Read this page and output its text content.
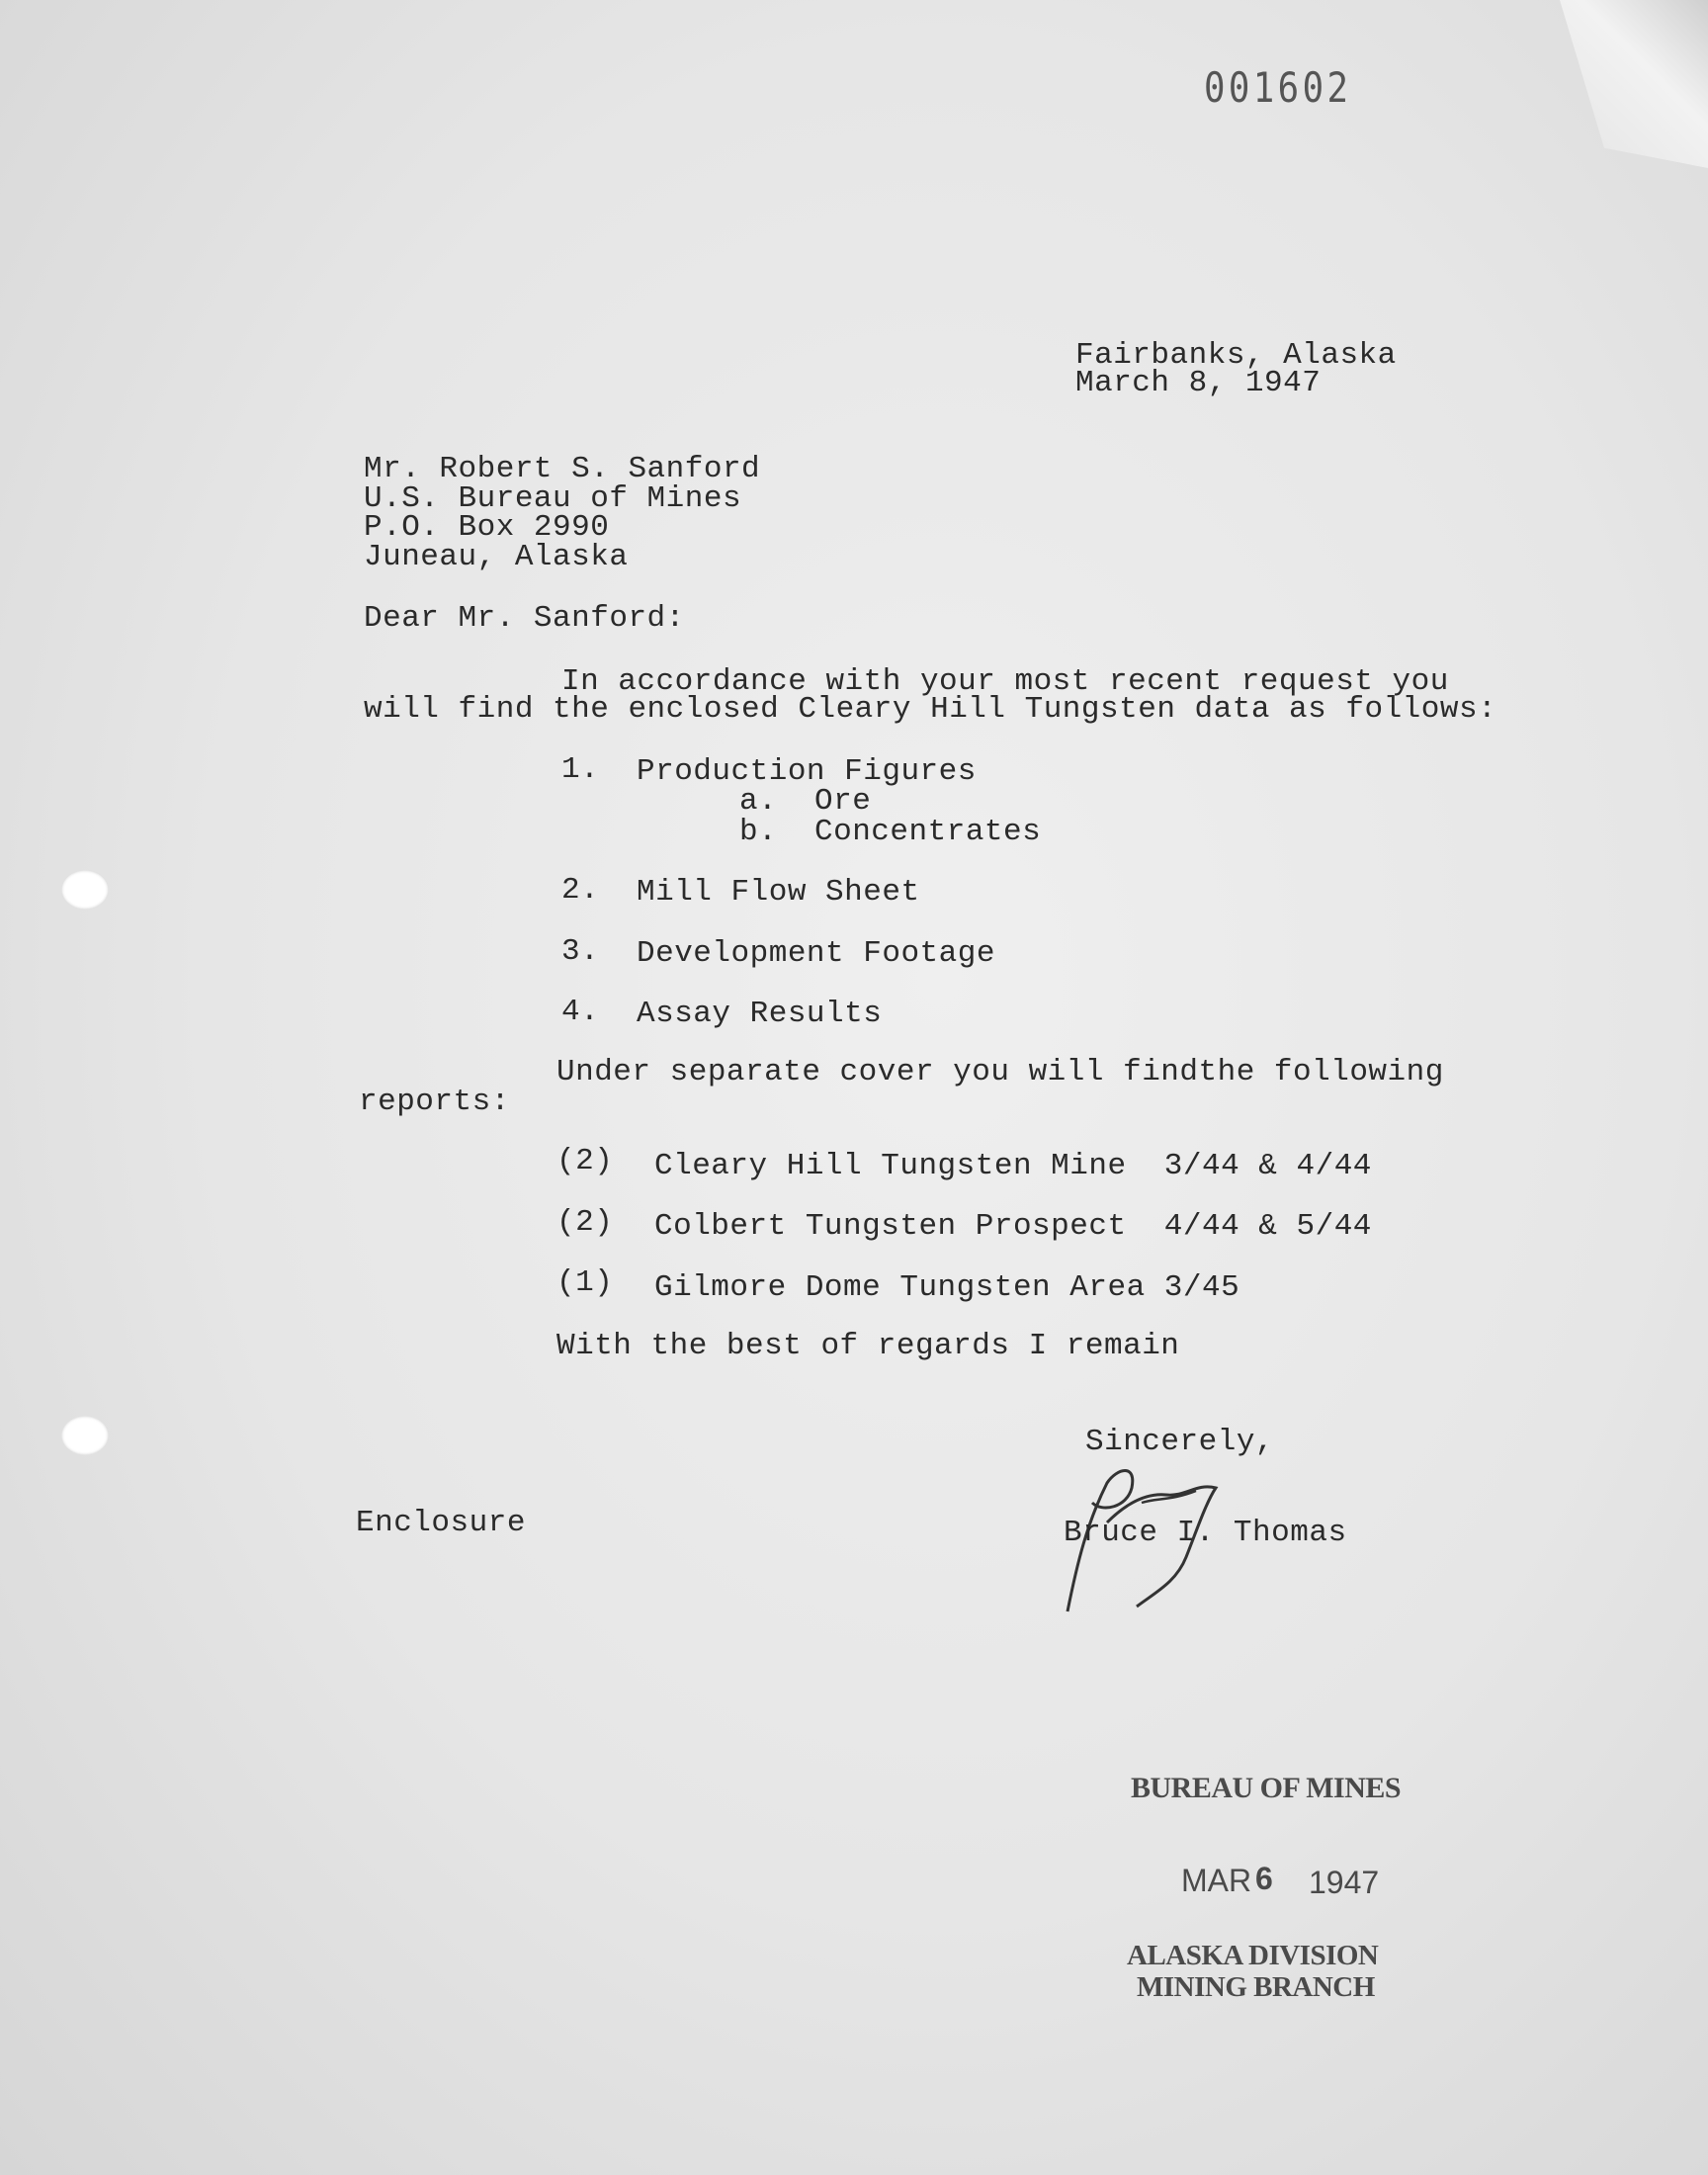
001602
Fairbanks, Alaska
March 8, 1947
Mr. Robert S. Sanford
U.S. Bureau of Mines
P.O. Box 2990
Juneau, Alaska
Dear Mr. Sanford:
In accordance with your most recent request you
will find the enclosed Cleary Hill Tungsten data as follows:
1. Production Figures
a. Ore
b. Concentrates
2. Mill Flow Sheet
3. Development Footage
4. Assay Results
Under separate cover you will findthe following
reports:
(2) Cleary Hill Tungsten Mine  3/44 & 4/44
(2) Colbert Tungsten Prospect  4/44 & 5/44
(1) Gilmore Dome Tungsten Area 3/45
With the best of regards I remain
Sincerely,
Bruce I. Thomas
Enclosure
BUREAU OF MINES
MAR 6 1947
ALASKA DIVISION
MINING BRANCH
